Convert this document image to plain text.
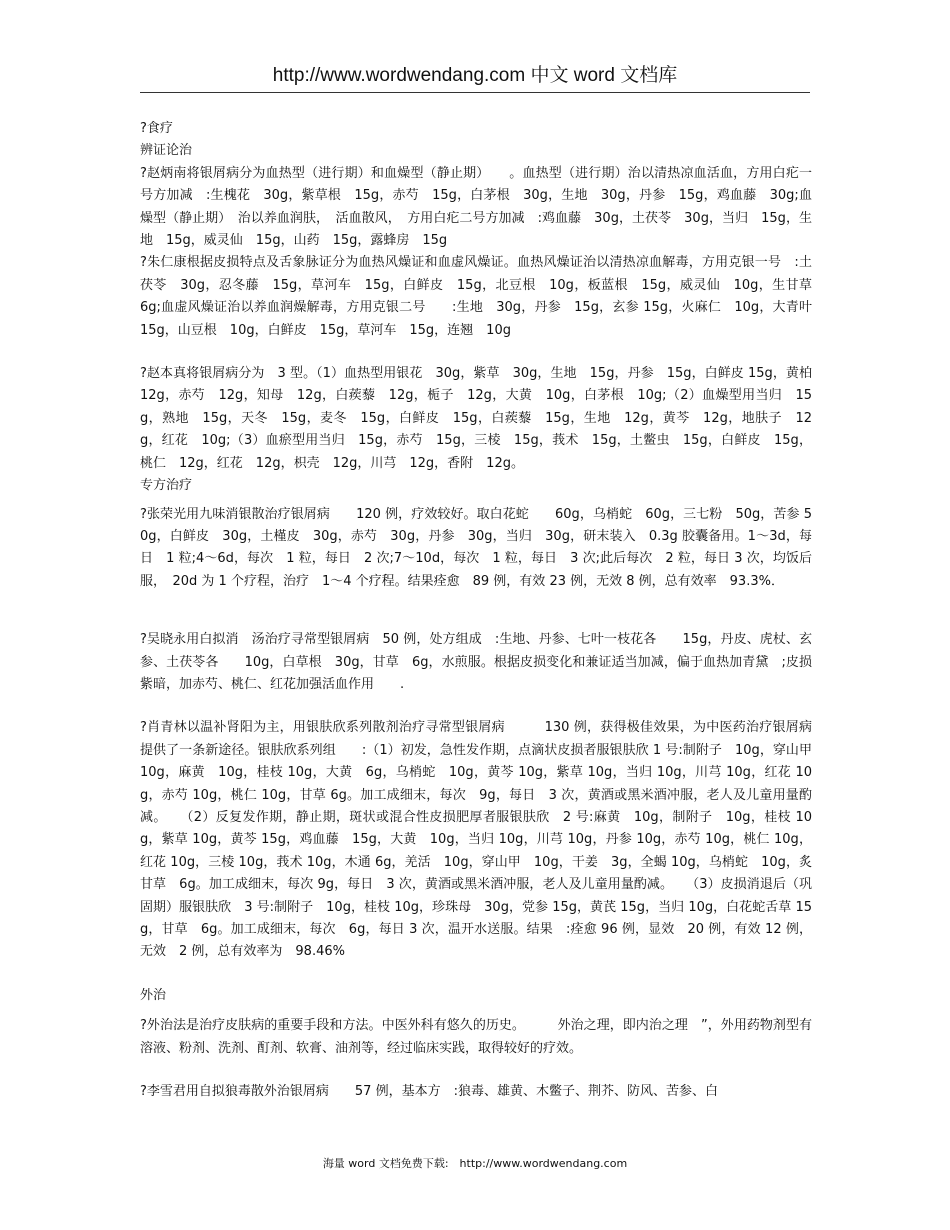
http://www.wordwendang.com 中文 word 文档库

?食疗

辨证论治

?赵炳南将银屑病分为血热型（进行期）和血燥型（静止期）　　。血热型（进行期）治以清热凉血活血，方用白疕一号方加减　:生槐花　30g，紫草根　15g，赤芍　15g，白茅根　30g，生地　30g，丹参　15g，鸡血藤　30g;血燥型（静止期）　治以养血润肤，　活血散风，　方用白疕二号方加减　:鸡血藤　30g，土茯苓　30g，当归　15g，生地　15g，威灵仙　15g，山药　15g，露蜂房　15g

?朱仁康根据皮损特点及舌象脉证分为血热风燥证和血虚风燥证。血热风燥证治以清热凉血解毒，方用克银一号　:土茯苓　30g，忍冬藤　15g，草河车　15g，白鲜皮　15g，北豆根　10g，板蓝根　15g，威灵仙　10g，生甘草　6g;血虚风燥证治以养血润燥解毒，方用克银二号　　:生地　30g，丹参　15g，玄参 15g，火麻仁　10g，大青叶　15g，山豆根　10g，白鲜皮　15g，草河车　15g，连翘　10g

?赵本真将银屑病分为　3 型。（1）血热型用银花　30g，紫草　30g，生地　15g，丹参　15g，白鲜皮 15g，黄柏　12g，赤芍　12g，知母　12g，白蒺藜　12g，栀子　12g，大黄　10g，白茅根　10g;（2）血燥型用当归　15g，熟地　15g，天冬　15g，麦冬　15g，白鲜皮　15g，白蒺藜　15g，生地　12g，黄芩　12g，地肤子　12g，红花　10g;（3）血瘀型用当归　15g，赤芍　15g，三棱　15g，莪术　15g，土鳖虫　15g，白鲜皮　15g，桃仁　12g，红花　12g，枳壳　12g，川芎　12g，香附　12g。

专方治疗

?张荣光用九味消银散治疗银屑病　　120 例，疗效较好。取白花蛇　　60g，乌梢蛇　60g，三七粉　50g，苦参 50g，白鲜皮　30g，土槿皮　30g，赤芍　30g，丹参　30g，当归　30g，研末装入　0.3g 胶囊备用。1～3d，每日　1 粒;4～6d，每次　1 粒，每日　2 次;7～10d，每次　1 粒，每日　3 次;此后每次　2 粒，每日 3 次，均饭后服，　20d 为 1 个疗程，治疗　1～4 个疗程。结果痊愈　89 例，有效 23 例，无效 8 例，总有效率　93.3%．

?吴晓永用白拟消　汤治疗寻常型银屑病　50 例，处方组成　:生地、丹参、七叶一枝花各　　15g，丹皮、虎杖、玄参、土茯苓各　　10g，白草根　30g，甘草　6g，水煎服。根据皮损变化和兼证适当加减，偏于血热加青黛　;皮损紫暗，加赤芍、桃仁、红花加强活血作用　　.

?肖青林以温补肾阳为主，用银肤欣系列散剂治疗寻常型银屑病　　　130 例，获得极佳效果，为中医药治疗银屑病提供了一条新途径。银肤欣系列组　　:（1）初发，急性发作期，点滴状皮损者服银肤欣 1 号:制附子　10g，穿山甲　10g，麻黄　10g，桂枝 10g，大黄　6g，乌梢蛇　10g，黄芩 10g，紫草 10g，当归 10g，川芎 10g，红花 10g，赤芍 10g，桃仁 10g，甘草 6g。加工成细末，每次　9g，每日　3 次，黄酒或黑米酒冲服，老人及儿童用量酌减。　　（2）反复发作期，静止期，斑状或混合性皮损肥厚者服银肤欣　2 号:麻黄　10g，制附子　10g，桂枝 10g，紫草 10g，黄芩 15g，鸡血藤　15g，大黄　10g，当归 10g，川芎 10g，丹参 10g，赤芍 10g，桃仁 10g，红花 10g，三棱 10g，莪术 10g，木通 6g，羌活　10g，穿山甲　10g，干姜　3g，全蝎 10g，乌梢蛇　10g，炙甘草　6g。加工成细末，每次 9g，每日　3 次，黄酒或黑米酒冲服，老人及儿童用量酌减。　　（3）皮损消退后（巩固期）服银肤欣　3 号:制附子　10g，桂枝 10g，珍珠母　30g，党参 15g，黄芪 15g，当归 10g，白花蛇舌草 15g，甘草　6g。加工成细末，每次　6g，每日 3 次，温开水送服。结果　:痊愈 96 例，显效　20 例，有效 12 例，无效　2 例，总有效率为　98.46%

外治

?外治法是治疗皮肤病的重要手段和方法。中医外科有悠久的历史。　　　外治之理，即内治之理　”，外用药物剂型有溶液、粉剂、洗剂、酊剂、软膏、油剂等，经过临床实践，取得较好的疗效。

?李雪君用自拟狼毒散外治银屑病　　57 例，基本方　:狼毒、雄黄、木鳖子、荆芥、防风、苦参、白

海量 word 文档免费下载:　http://www.wordwendang.com
